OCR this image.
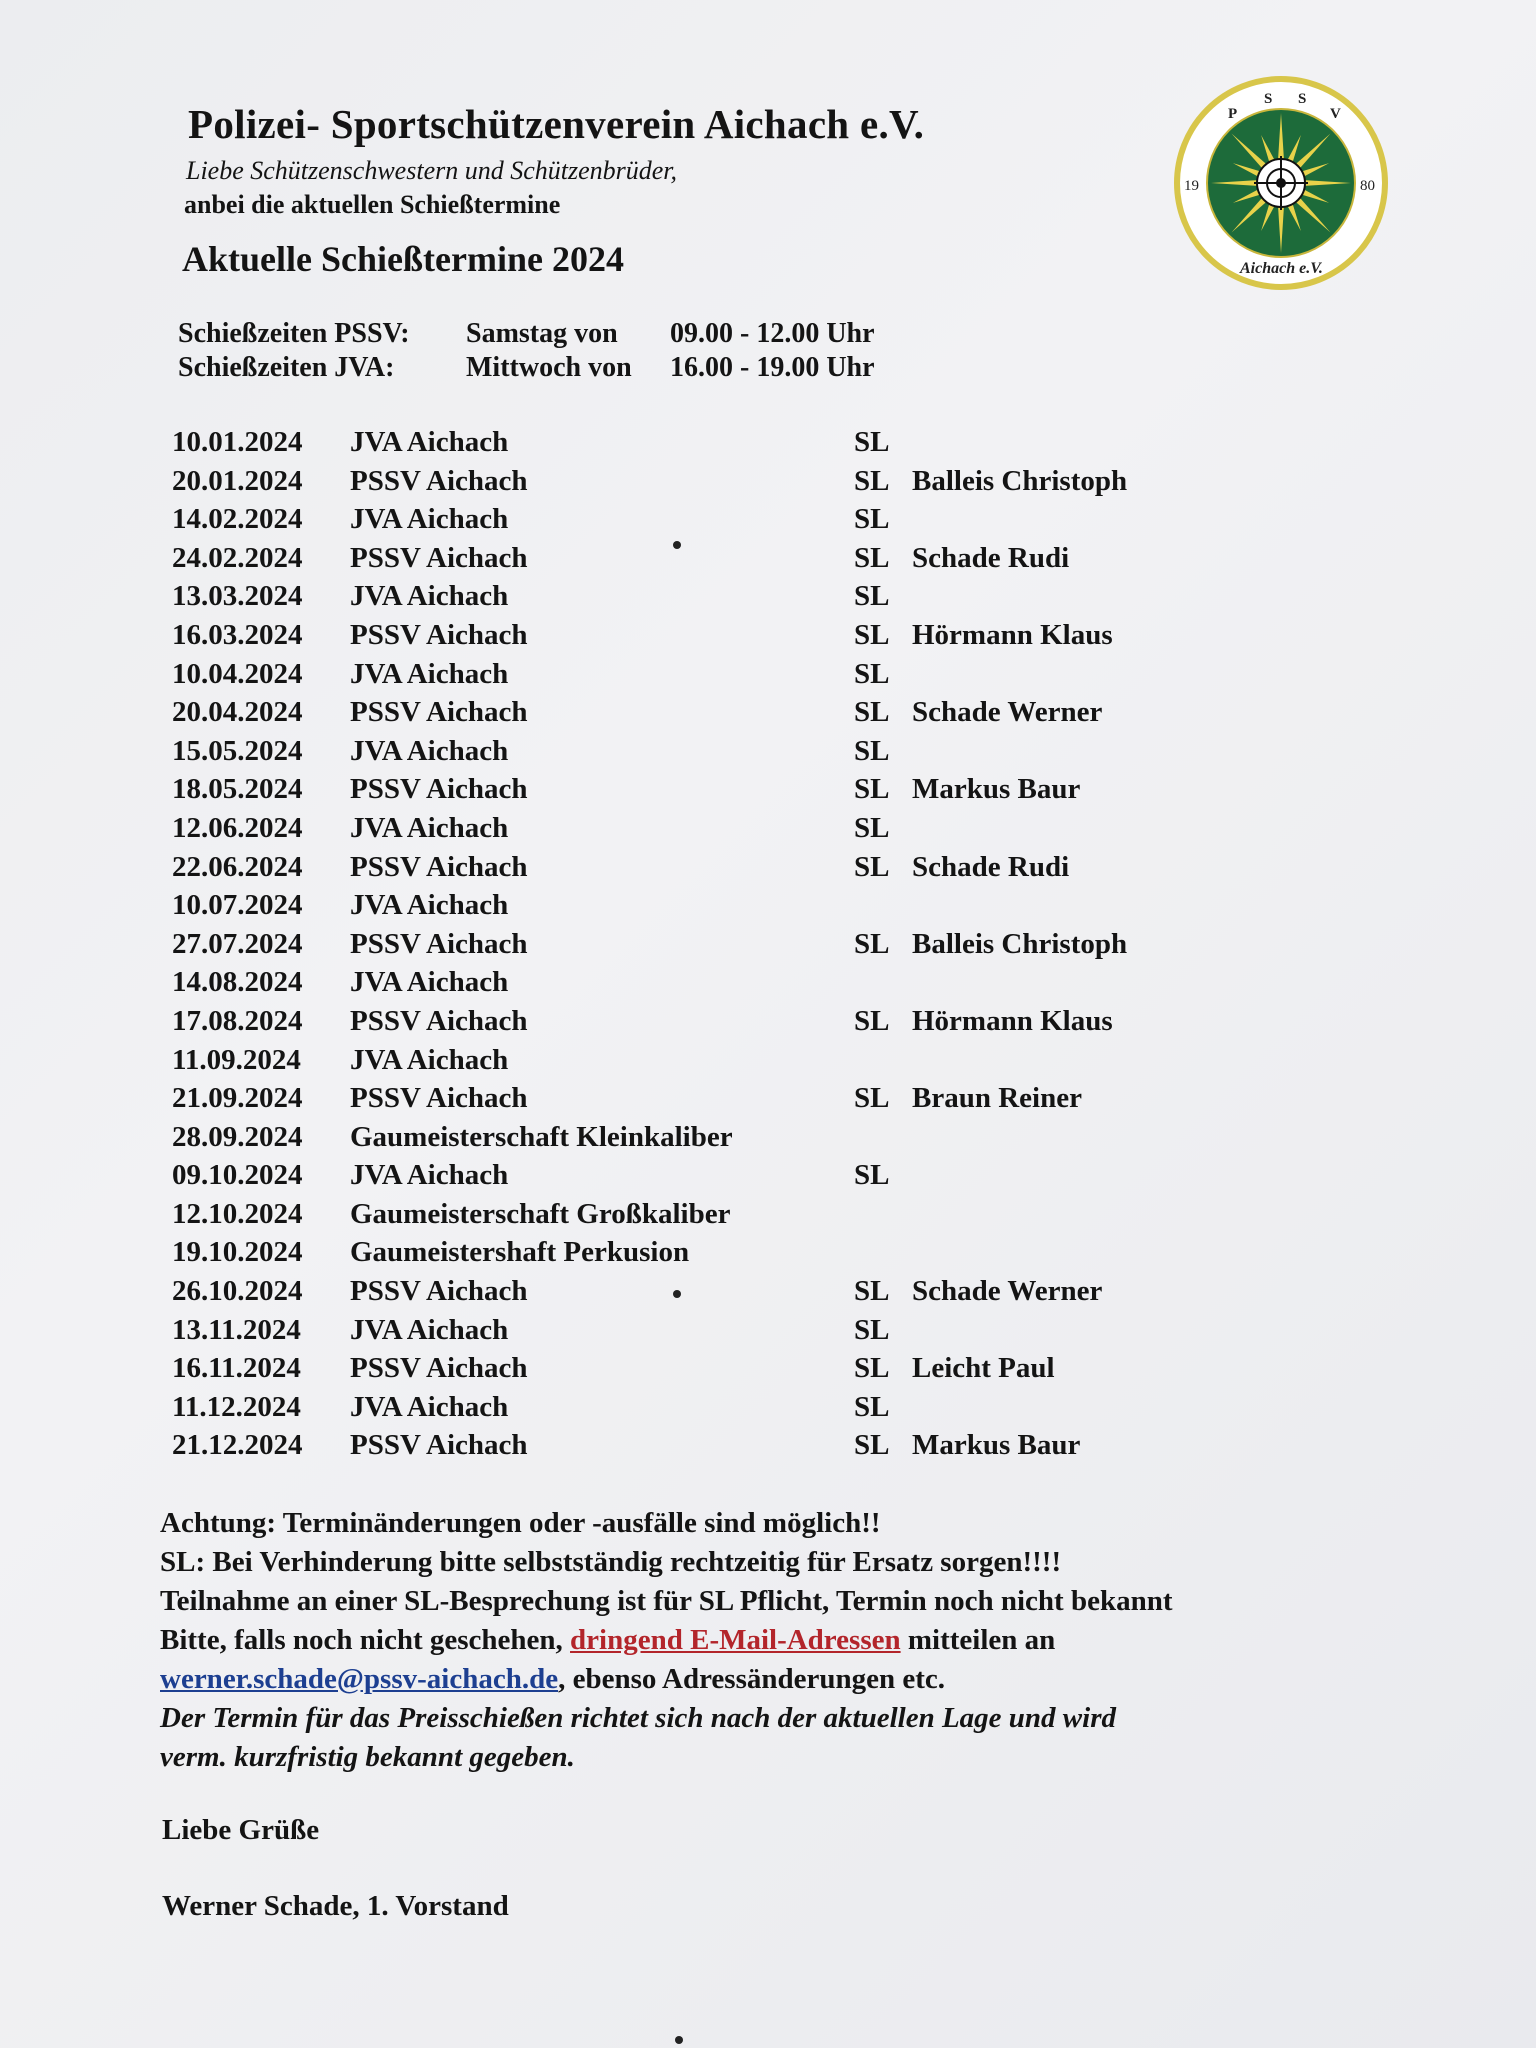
Polizei- Sportschützenverein Aichach e.V.
Liebe Schützenschwestern und Schützenbrüder,
anbei die aktuellen Schießtermine
Aktuelle Schießtermine 2024
P
S S
V
19	80
Aichach e.V.
Schießzeiten PSSV: Samstag von 09.00 - 12.00 Uhr
Schießzeiten JVA:	Mittwoch von 16.00 - 19.00 Uhr
10.01.2024 JVA Aichach	SL
20.01.2024 PSSV Aichach	SL Balleis Christoph
14.02.2024 JVA Aichach	SL
24.02.2024 PSSV Aichach	SL Schade Rudi
13.03.2024 JVA Aichach	SL
16.03.2024 PSSV Aichach	SL Hörmann Klaus
10.04.2024 JVA Aichach	SL
20.04.2024 PSSV Aichach	SL Schade Werner
15.05.2024 JVA Aichach	SL
18.05.2024 PSSV Aichach	SL Markus Baur
12.06.2024 JVA Aichach	SL
22.06.2024 PSSV Aichach	SL Schade Rudi
10.07.2024 JVA Aichach
27.07.2024 PSSV Aichach	SL Balleis Christoph
14.08.2024 JVA Aichach
17.08.2024 PSSV Aichach	SL Hörmann Klaus
11.09.2024 JVA Aichach
21.09.2024 PSSV Aichach	SL Braun Reiner
28.09.2024 Gaumeisterschaft Kleinkaliber
09.10.2024 JVA Aichach	SL
12.10.2024 Gaumeisterschaft Großkaliber
19.10.2024 Gaumeistershaft Perkusion
26.10.2024 PSSV Aichach	SL Schade Werner
13.11.2024 JVA Aichach	SL
16.11.2024 PSSV Aichach	SL Leicht Paul
11.12.2024 JVA Aichach	SL
21.12.2024 PSSV Aichach	SL Markus Baur
Achtung: Terminänderungen oder -ausfälle sind möglich!!
SL: Bei Verhinderung bitte selbstständig rechtzeitig für Ersatz sorgen!!!!
Teilnahme an einer SL-Besprechung ist für SL Pflicht, Termin noch nicht bekannt
Bitte, falls noch nicht geschehen, dringend E-Mail-Adressen mitteilen an
werner.schade@pssv-aichach.de, ebenso Adressänderungen etc.
Der Termin für das Preisschießen richtet sich nach der aktuellen Lage und wird
verm. kurzfristig bekannt gegeben.
Liebe Grüße
Werner Schade, 1. Vorstand
